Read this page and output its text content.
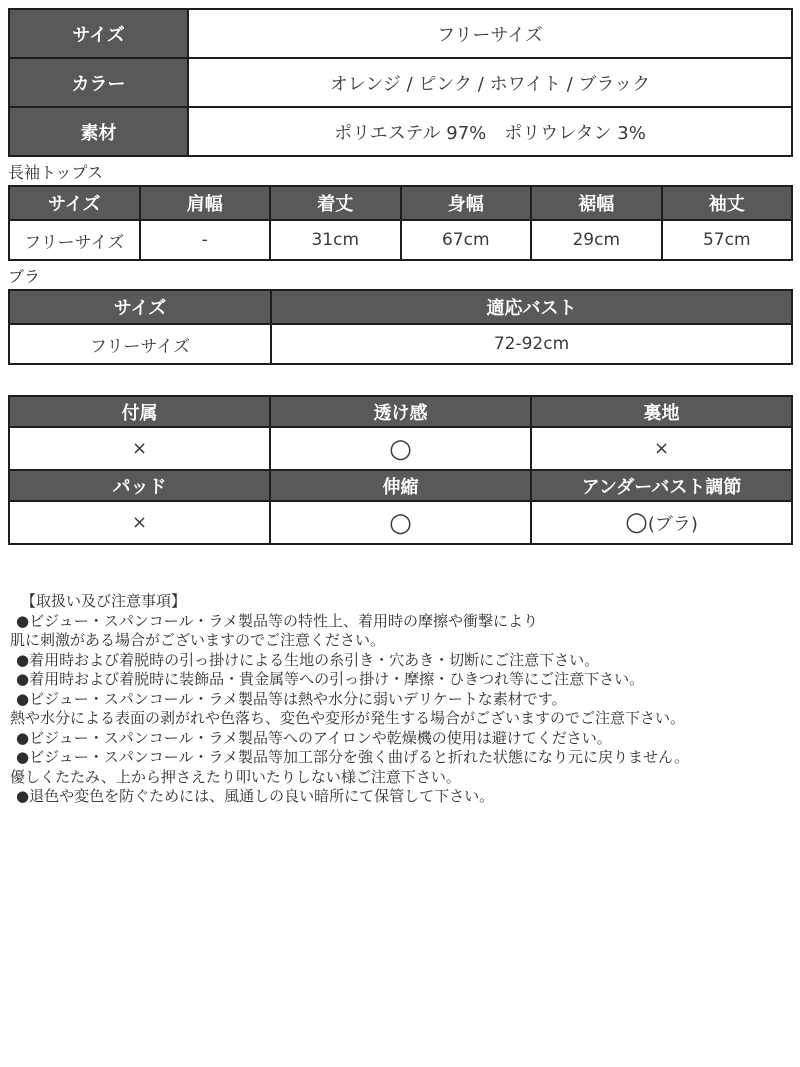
サイズ	フリーサイズ
カラー	オレンジ / ピンク / ホワイト / ブラック
素材	ポリエステル 97%　ポリウレタン 3%
長袖トップス
サイズ	肩幅	着丈	身幅	裾幅	袖丈
フリーサイズ	-	31cm	67cm	29cm	57cm
ブラ
サイズ	適応バスト
フリーサイズ	72-92cm
付属	透け感	裏地
×	○	×
パッド	伸縮	アンダーバスト調節
×	○	○(ブラ)
【取扱い及び注意事項】
●ビジュー・スパンコール・ラメ製品等の特性上、着用時の摩擦や衝撃により
肌に刺激がある場合がございますのでご注意ください。
●着用時および着脱時の引っ掛けによる生地の糸引き・穴あき・切断にご注意下さい。
●着用時および着脱時に装飾品・貴金属等への引っ掛け・摩擦・ひきつれ等にご注意下さい。
●ビジュー・スパンコール・ラメ製品等は熱や水分に弱いデリケートな素材です。
熱や水分による表面の剥がれや色落ち、変色や変形が発生する場合がございますのでご注意下さい。
●ビジュー・スパンコール・ラメ製品等へのアイロンや乾燥機の使用は避けてください。
●ビジュー・スパンコール・ラメ製品等加工部分を強く曲げると折れた状態になり元に戻りません。
優しくたたみ、上から押さえたり叩いたりしない様ご注意下さい。
●退色や変色を防ぐためには、風通しの良い暗所にて保管して下さい。
